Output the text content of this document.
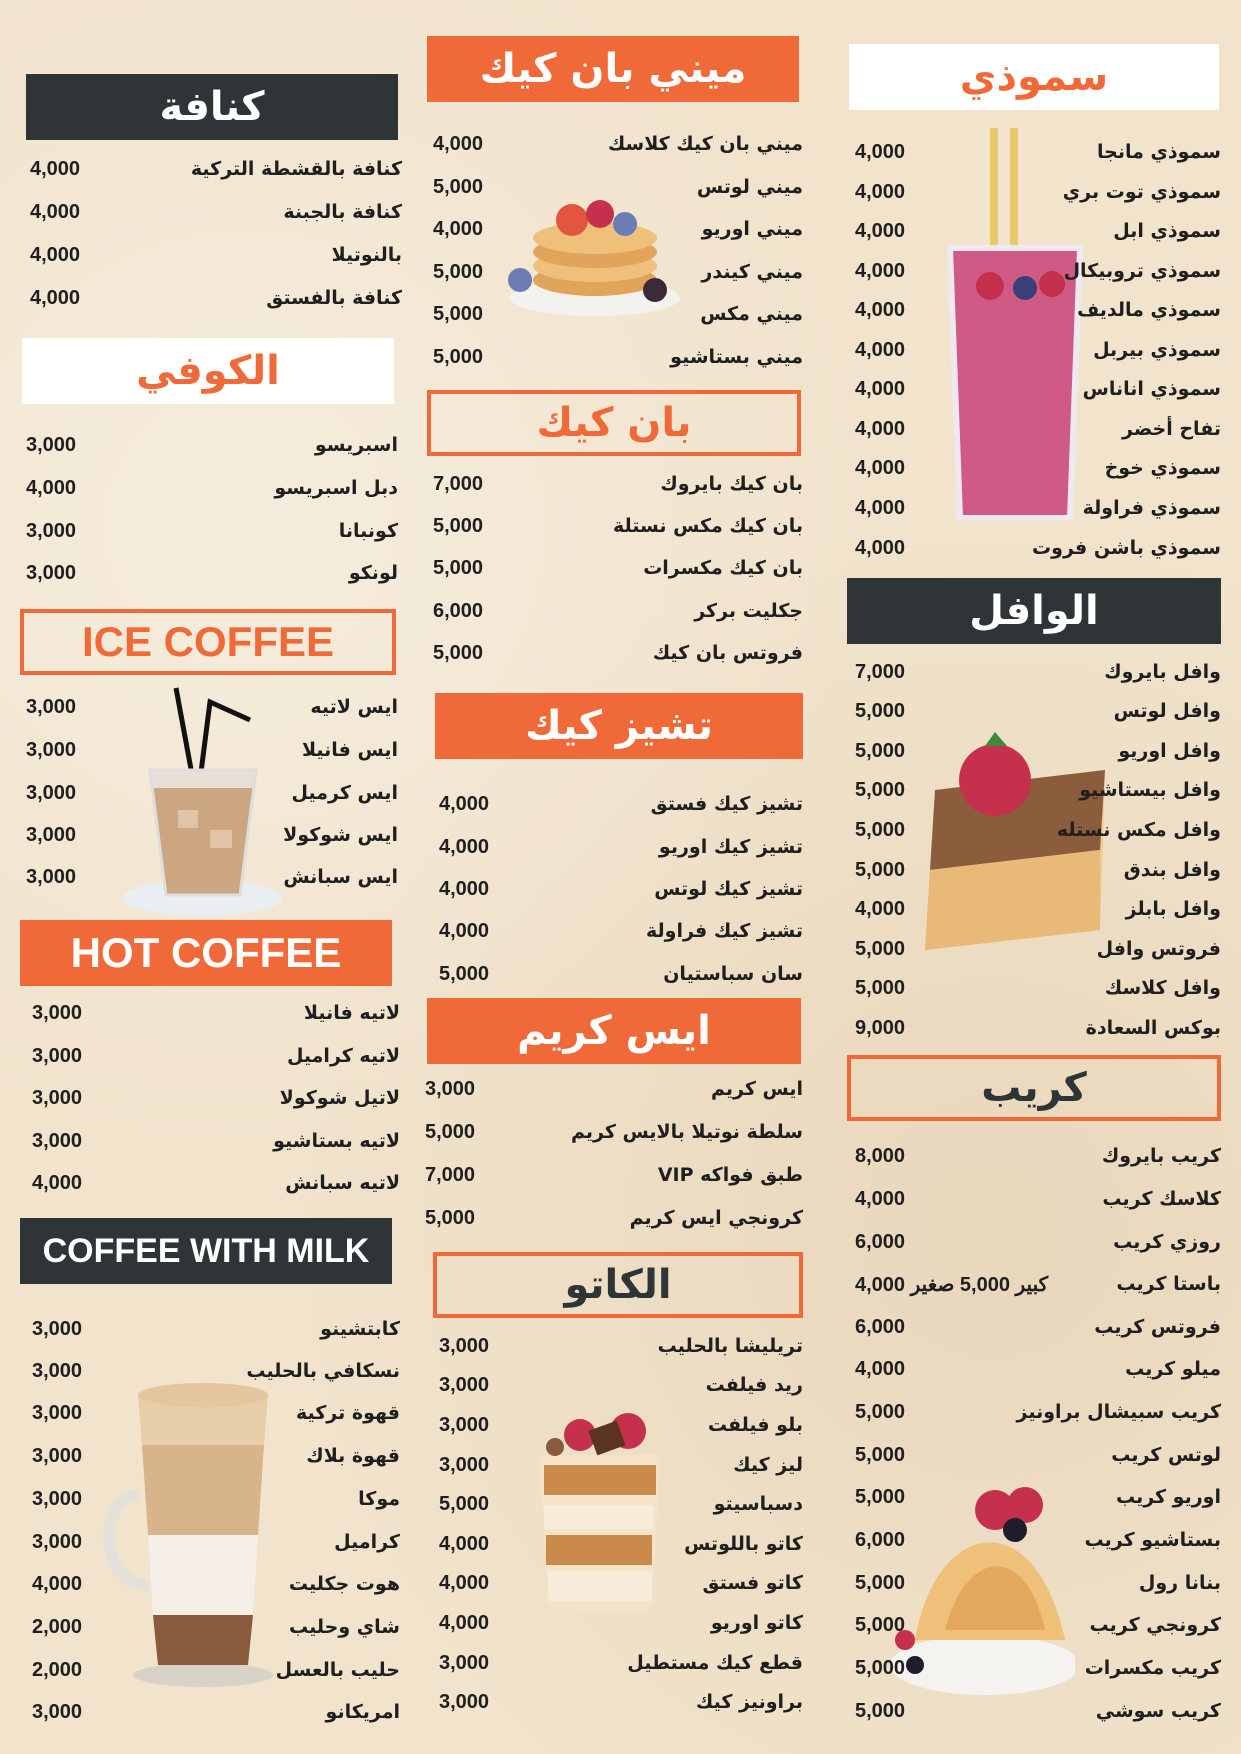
كنافة
كنافة بالقشطة التركية
4,000
كنافة بالجبنة
4,000
بالنوتيلا
4,000
كنافة بالفستق
4,000
الكوفي
اسبريسو
3,000
دبل اسبريسو
4,000
كونبانا
3,000
لونكو
3,000
ICE COFFEE
ايس لاتيه
3,000
ايس فانيلا
3,000
ايس كرميل
3,000
ايس شوكولا
3,000
ايس سبانش
3,000
HOT COFFEE
لاتيه فانيلا
3,000
لاتيه كراميل
3,000
لاتيل شوكولا
3,000
لاتيه بستاشيو
3,000
لاتيه سبانش
4,000
COFFEE WITH MILK
كابتشينو
3,000
نسكافي بالحليب
3,000
قهوة تركية
3,000
قهوة بلاك
3,000
موكا
3,000
كراميل
3,000
هوت جكليت
4,000
شاي وحليب
2,000
حليب بالعسل
2,000
امريكانو
3,000
ميني بان كيك
ميني بان كيك كلاسك
4,000
ميني لوتس
5,000
ميني اوريو
4,000
ميني كيندر
5,000
ميني مكس
5,000
ميني بستاشيو
5,000
بان كيك
بان كيك بايروك
7,000
بان كيك مكس نستلة
5,000
بان كيك مكسرات
5,000
جكليت بركر
6,000
فروتس بان كيك
5,000
تشيز كيك
تشيز كيك فستق
4,000
تشيز كيك اوريو
4,000
تشيز كيك لوتس
4,000
تشيز كيك فراولة
4,000
سان سباستيان
5,000
ايس كريم
ايس كريم
3,000
سلطة نوتيلا بالايس كريم
5,000
طبق فواكه VIP
7,000
كرونجي ايس كريم
5,000
الكاتو
تريليشا بالحليب
3,000
ريد فيلفت
3,000
بلو فيلفت
3,000
ليز كيك
3,000
دسباسيتو
5,000
كاتو باللوتس
4,000
كاتو فستق
4,000
كاتو اوريو
4,000
قطع كيك مستطيل
3,000
براونيز كيك
3,000
سموذي
سموذي مانجا
4,000
سموذي توت بري
4,000
سموذي ابل
4,000
سموذي تروبيكال
4,000
سموذي مالديف
4,000
سموذي بيربل
4,000
سموذي اناناس
4,000
تفاح أخضر
4,000
سموذي خوخ
4,000
سموذي فراولة
4,000
سموذي باشن فروت
4,000
الوافل
وافل بايروك
7,000
وافل لوتس
5,000
وافل اوريو
5,000
وافل بيستاشيو
5,000
وافل مكس نستله
5,000
وافل بندق
5,000
وافل بابلز
4,000
فروتس وافل
5,000
وافل كلاسك
5,000
بوكس السعادة
9,000
كريب
كريب بايروك
8,000
كلاسك كريب
4,000
روزي كريب
6,000
باستا كريب
كبير 5,000 صغير 4,000
فروتس كريب
6,000
ميلو كريب
4,000
كريب سبيشال براونيز
5,000
لوتس كريب
5,000
اوريو كريب
5,000
بستاشيو كريب
6,000
بنانا رول
5,000
كرونجي كريب
5,000
كريب مكسرات
5,000
كريب سوشي
5,000
